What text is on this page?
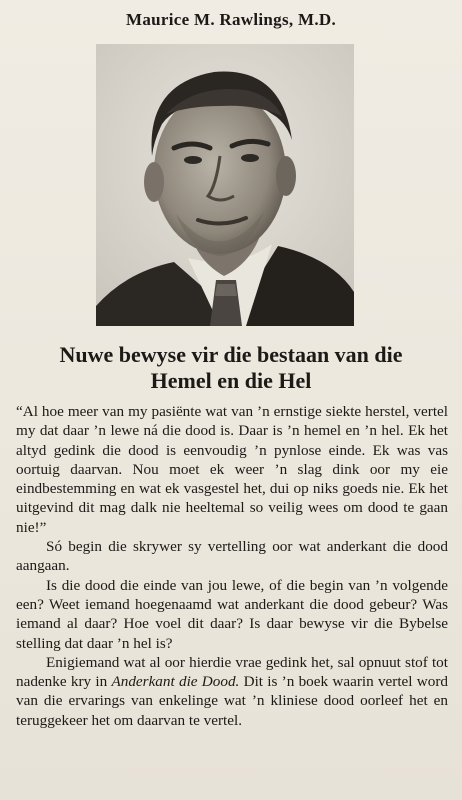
Maurice M. Rawlings, M.D.
Nuwe bewyse vir die bestaan van die
Hemel en die Hel

“Al hoe meer van my pasiënte wat van ’n ernstige siekte herstel, vertel my dat daar ’n lewe ná die dood is. Daar is ’n hemel en ’n hel. Ek het altyd gedink die dood is eenvoudig ’n pynlose einde. Ek was vas oortuig daarvan. Nou moet ek weer ’n slag dink oor my eie eindbestemming en wat ek vasgestel het, dui op niks goeds nie. Ek het uitgevind dit mag dalk nie heeltemal so veilig wees om dood te gaan nie!”

Só begin die skrywer sy vertelling oor wat anderkant die dood aangaan.

Is die dood die einde van jou lewe, of die begin van ’n volgende een? Weet iemand hoegenaamd wat anderkant die dood gebeur? Was iemand al daar? Hoe voel dit daar? Is daar bewyse vir die Bybelse stelling dat daar ’n hel is?

Enigiemand wat al oor hierdie vrae gedink het, sal opnuut stof tot nadenke kry in Anderkant die Dood. Dit is ’n boek waarin vertel word van die ervarings van enkelinge wat ’n kliniese dood oorleef het en teruggekeer het om daarvan te vertel.
